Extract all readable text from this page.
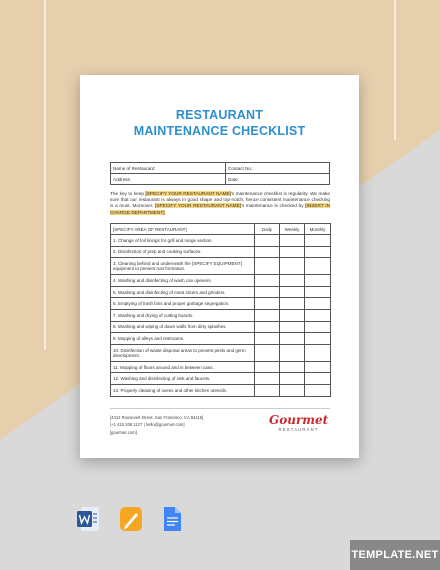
RESTAURANT
MAINTENANCE CHECKLIST
Name of Restaurant:	Contact No.:
Address:	Date:
The key to keep [SPECIFY YOUR RESTAURANT NAME]'s maintenance checklist is regularity. We make sure that our restaurant is always in good shape and top-notch, hence consistent maintenance checking is a must. Moreover, [SPECIFY YOUR RESTAURANT NAME]'s maintenance is checked by [INSERT IN CHARGE DEPARTMENT].
[SPECIFY AREA OF RESTAURANT]	Daily	Weekly	Monthly
1. Change of foil linings for grill and range section.			
2. Disinfection of prep and cooking surfaces.			
3. Cleaning behind and underneath the [SPECIFY EQUIPMENT] equipment to prevent rust formation.			
4. Washing and disinfecting of wash can openers.			
5. Washing and disinfecting of meat slicers and grinders.			
6. Emptying of trash bins and proper garbage segregation.			
7. Washing and drying of cutting boards.			
8. Washing and wiping of down walls from dirty splashes.			
9. Mopping of alleys and restrooms.			
10. Disinfection of waste disposal areas to prevent pests and germ development.			
11. Mopping of floors around and in between cans.			
12. Washing and disinfecting of sink and faucets.			
13. Properly cleaning of ovens and other kitchen utensils.			
[4412 Roosevelt Street, San Francisco, CA 94116]
[+1 415 209 1127 | hello@gourmet.com]
[gourmet.com]
Gourmet
RESTAURANT
TEMPLATE.NET
